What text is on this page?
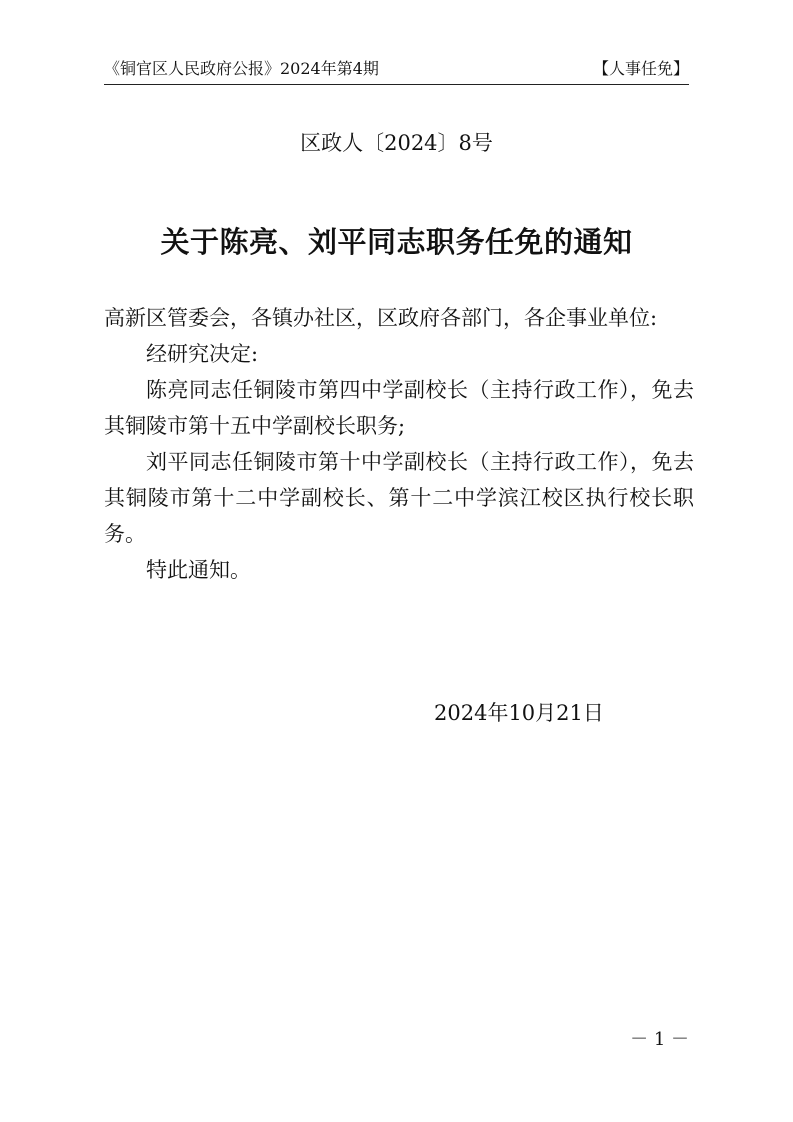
《铜官区人民政府公报》2024年第4期	【人事任免】
区政人〔2024〕8号
关于陈亮、刘平同志职务任免的通知

高新区管委会，各镇办社区，区政府各部门，各企事业单位:

经研究决定:

陈亮同志任铜陵市第四中学副校长（主持行政工作），免去其铜陵市第十五中学副校长职务;

刘平同志任铜陵市第十中学副校长（主持行政工作），免去其铜陵市第十二中学副校长、第十二中学滨江校区执行校长职务。

特此通知。

2024年10月21日
－ 1 －
